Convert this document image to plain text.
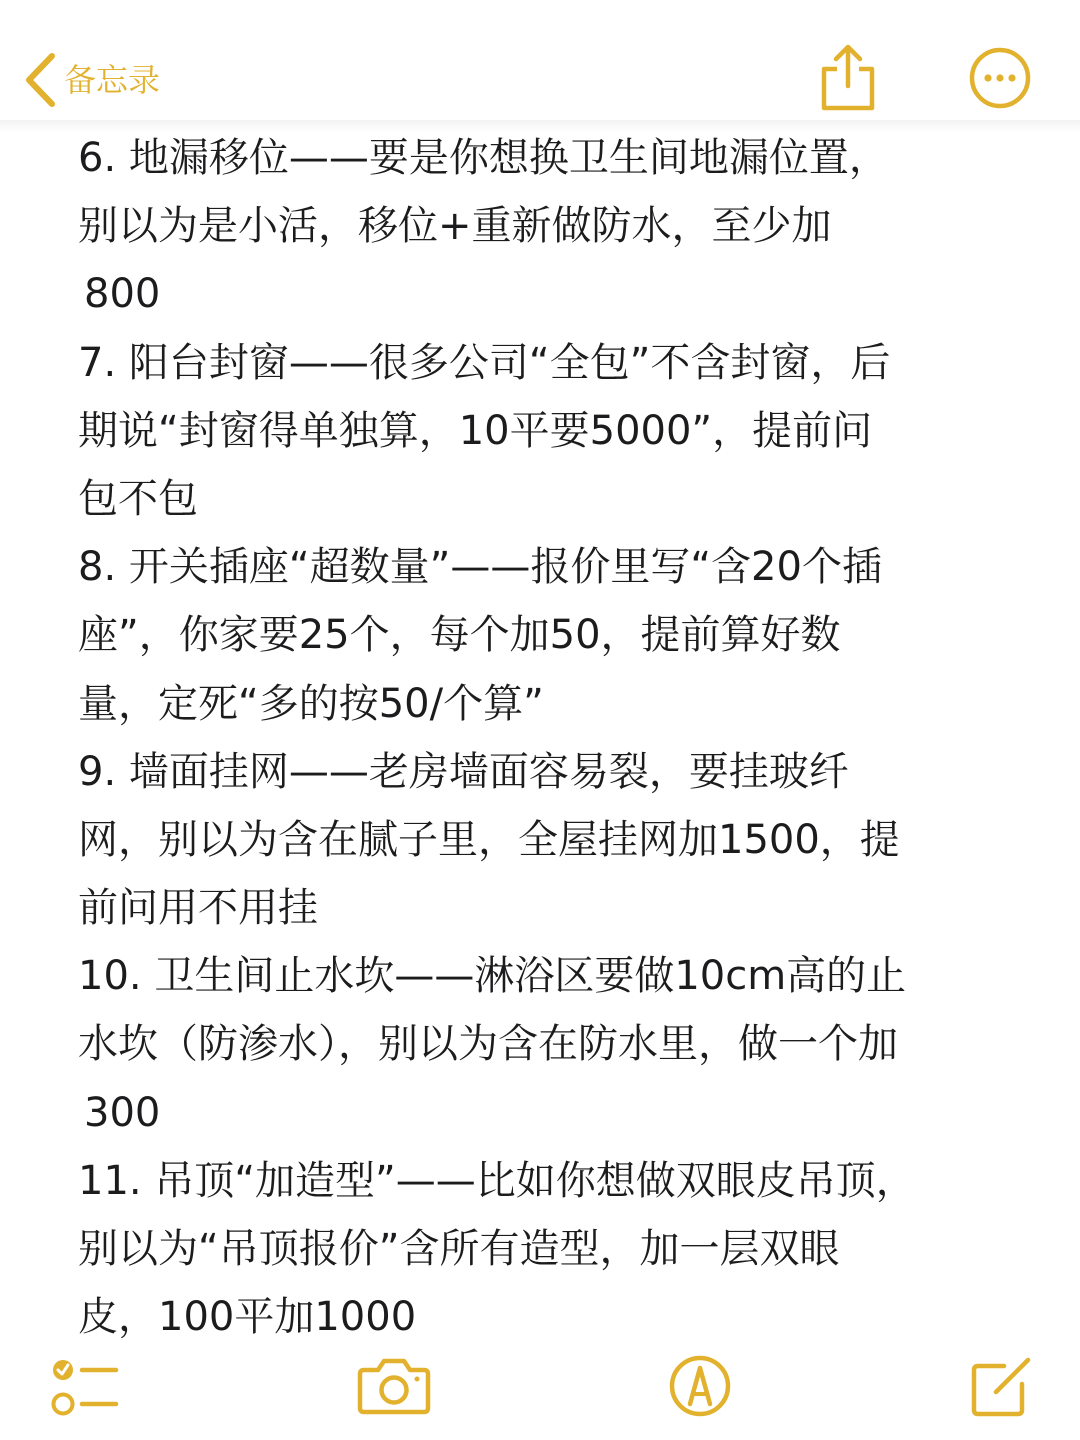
备忘录
6. 地漏移位——要是你想换卫生间地漏位置，
别以为是小活，移位+重新做防水，至少加
800
7. 阳台封窗——很多公司“全包”不含封窗，后
期说“封窗得单独算，10平要5000”，提前问
包不包
8. 开关插座“超数量”——报价里写“含20个插
座”，你家要25个，每个加50，提前算好数
量，定死“多的按50/个算”
9. 墙面挂网——老房墙面容易裂，要挂玻纤
网，别以为含在腻子里，全屋挂网加1500，提
前问用不用挂
10. 卫生间止水坎——淋浴区要做10cm高的止
水坎（防渗水），别以为含在防水里，做一个加
300
11. 吊顶“加造型”——比如你想做双眼皮吊顶，
别以为“吊顶报价”含所有造型，加一层双眼
皮，100平加1000
